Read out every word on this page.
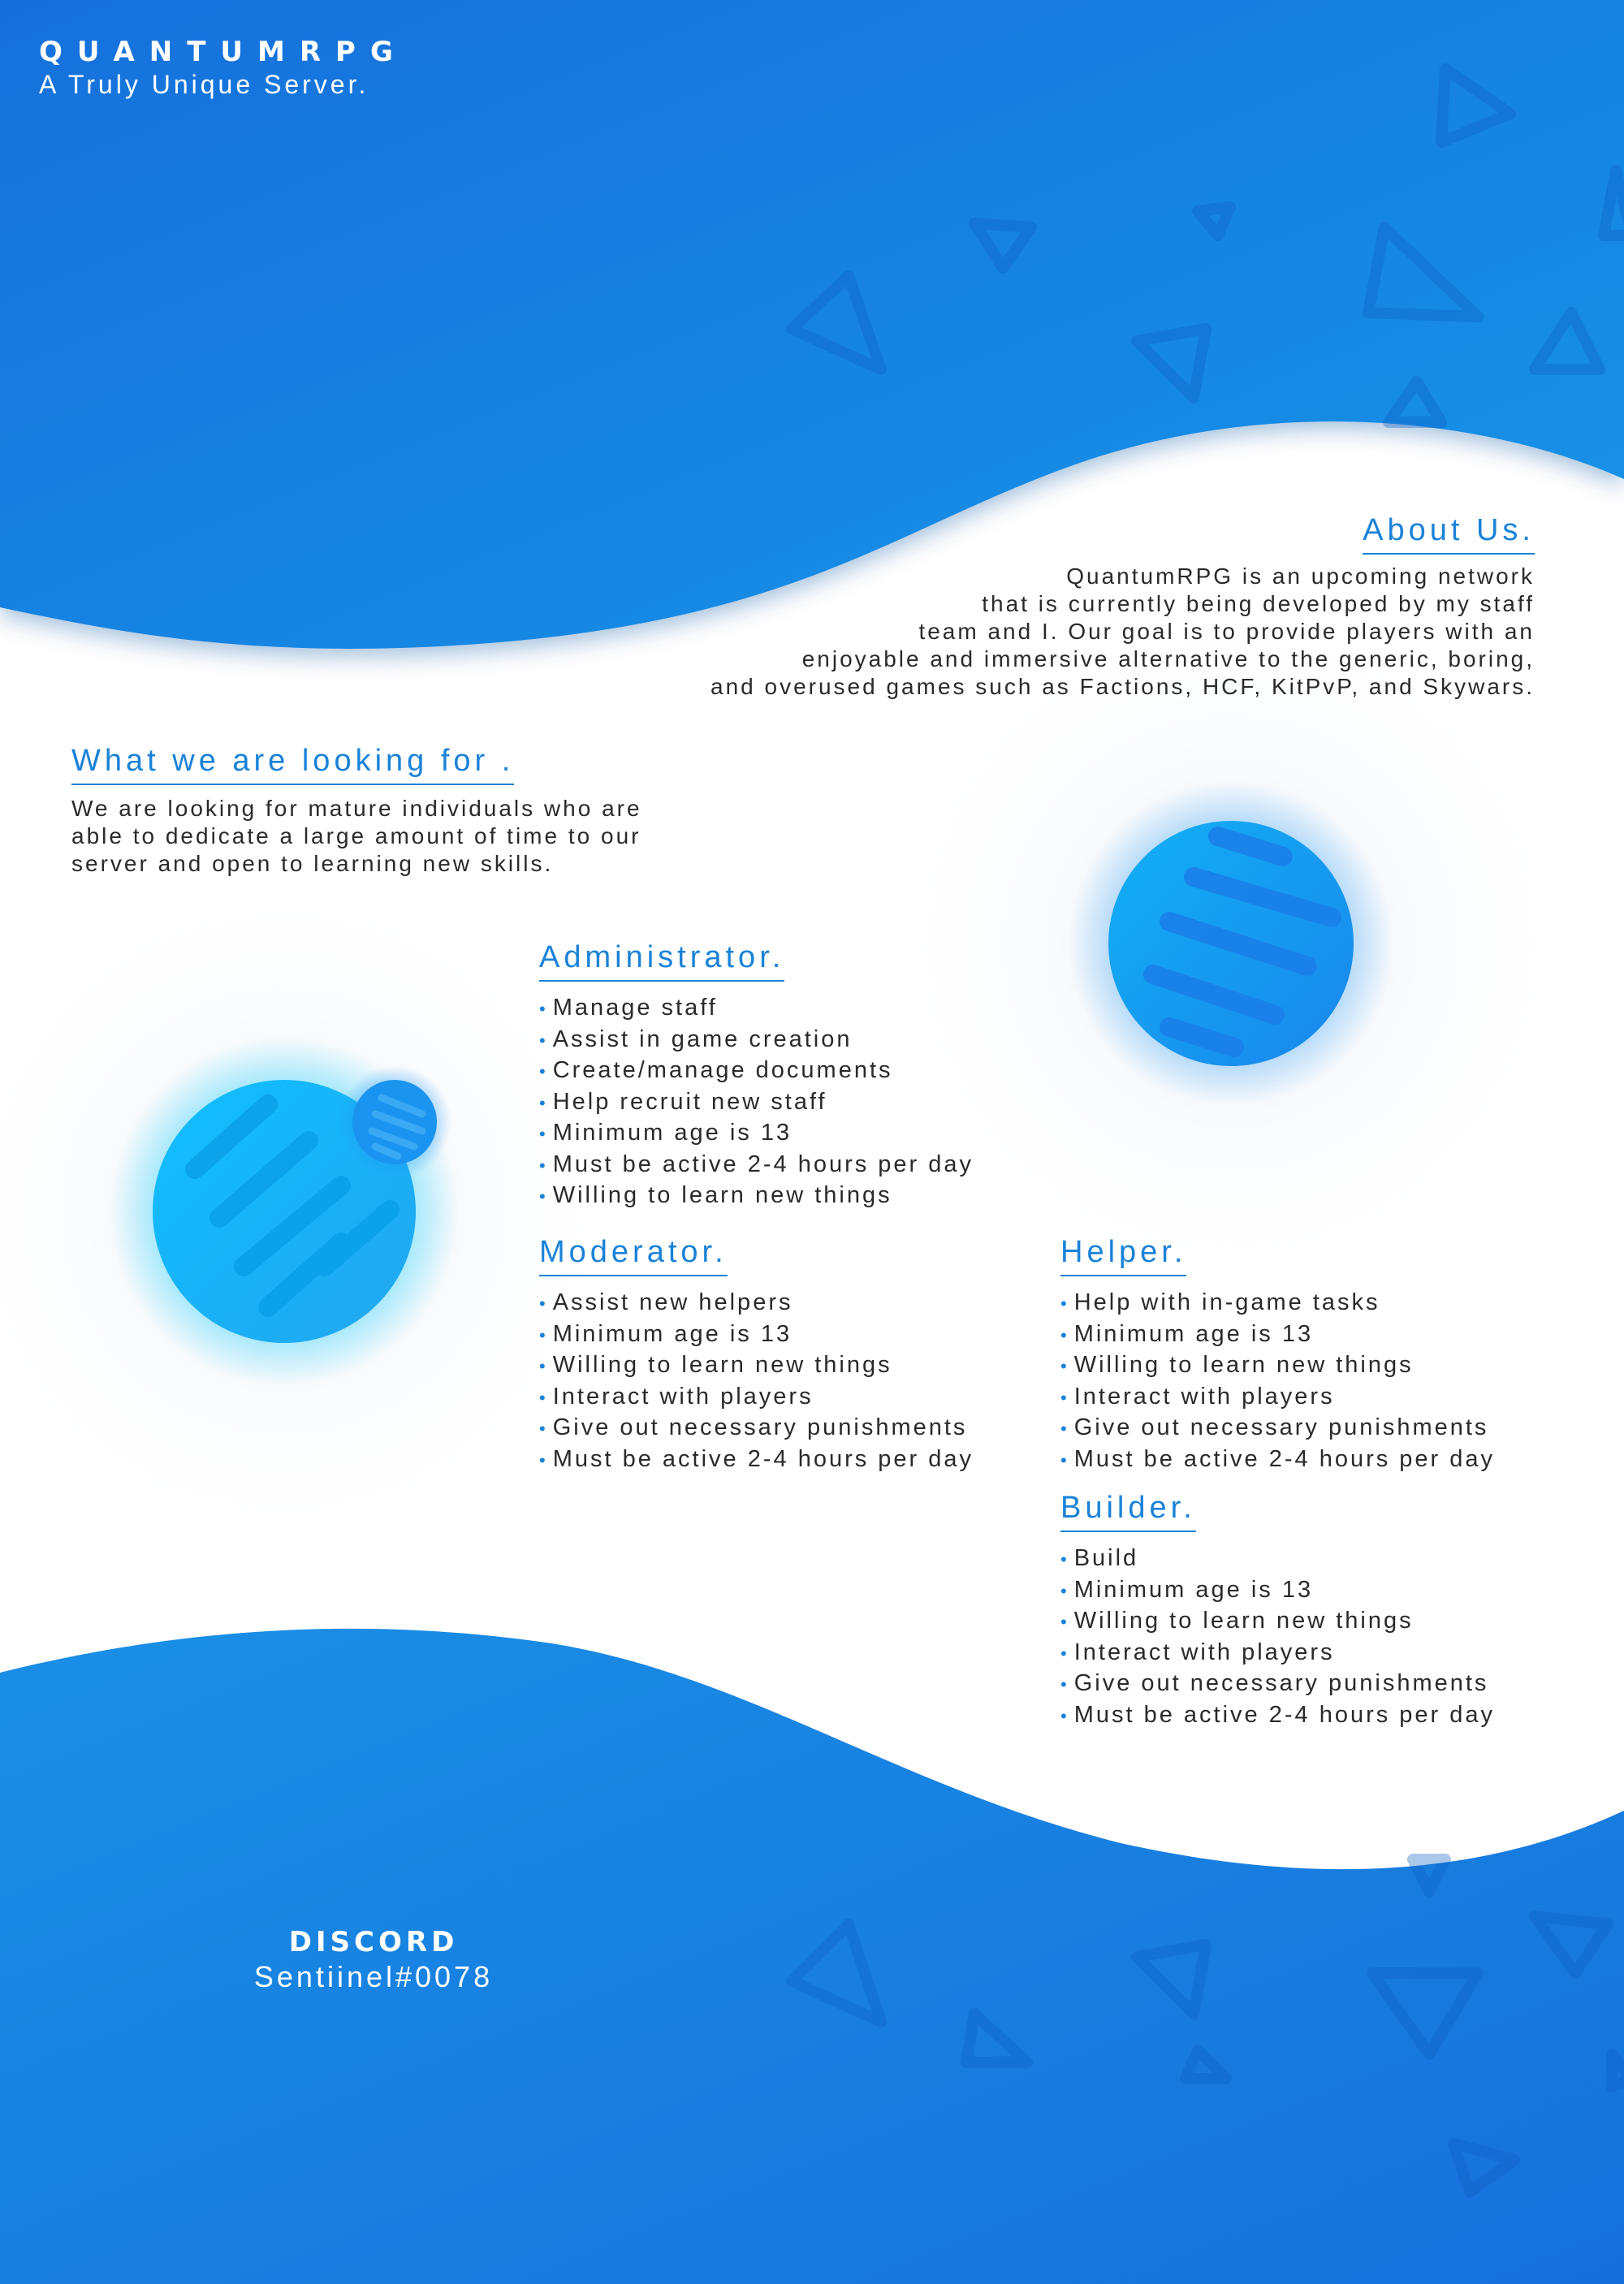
QUANTUMRPG

A Truly Unique Server.

About Us.
QuantumRPG is an upcoming network
that is currently being developed by my staff
team and I. Our goal is to provide players with an
enjoyable and immersive alternative to the generic, boring,
and overused games such as Factions, HCF, KitPvP, and Skywars.
What we are looking for .
We are looking for mature individuals who are
able to dedicate a large amount of time to our
server and open to learning new skills.
Administrator.
• Manage staff
• Assist in game creation
• Create/manage documents
• Help recruit new staff
• Minimum age is 13
• Must be active 2-4 hours per day
• Willing to learn new things
Moderator.
• Assist new helpers
• Minimum age is 13
• Willing to learn new things
• Interact with players
• Give out necessary punishments
• Must be active 2-4 hours per day
Helper.
• Help with in-game tasks
• Minimum age is 13
• Willing to learn new things
• Interact with players
• Give out necessary punishments
• Must be active 2-4 hours per day
Builder.
• Build
• Minimum age is 13
• Willing to learn new things
• Interact with players
• Give out necessary punishments
• Must be active 2-4 hours per day

DISCORD

Sentiinel#0078
